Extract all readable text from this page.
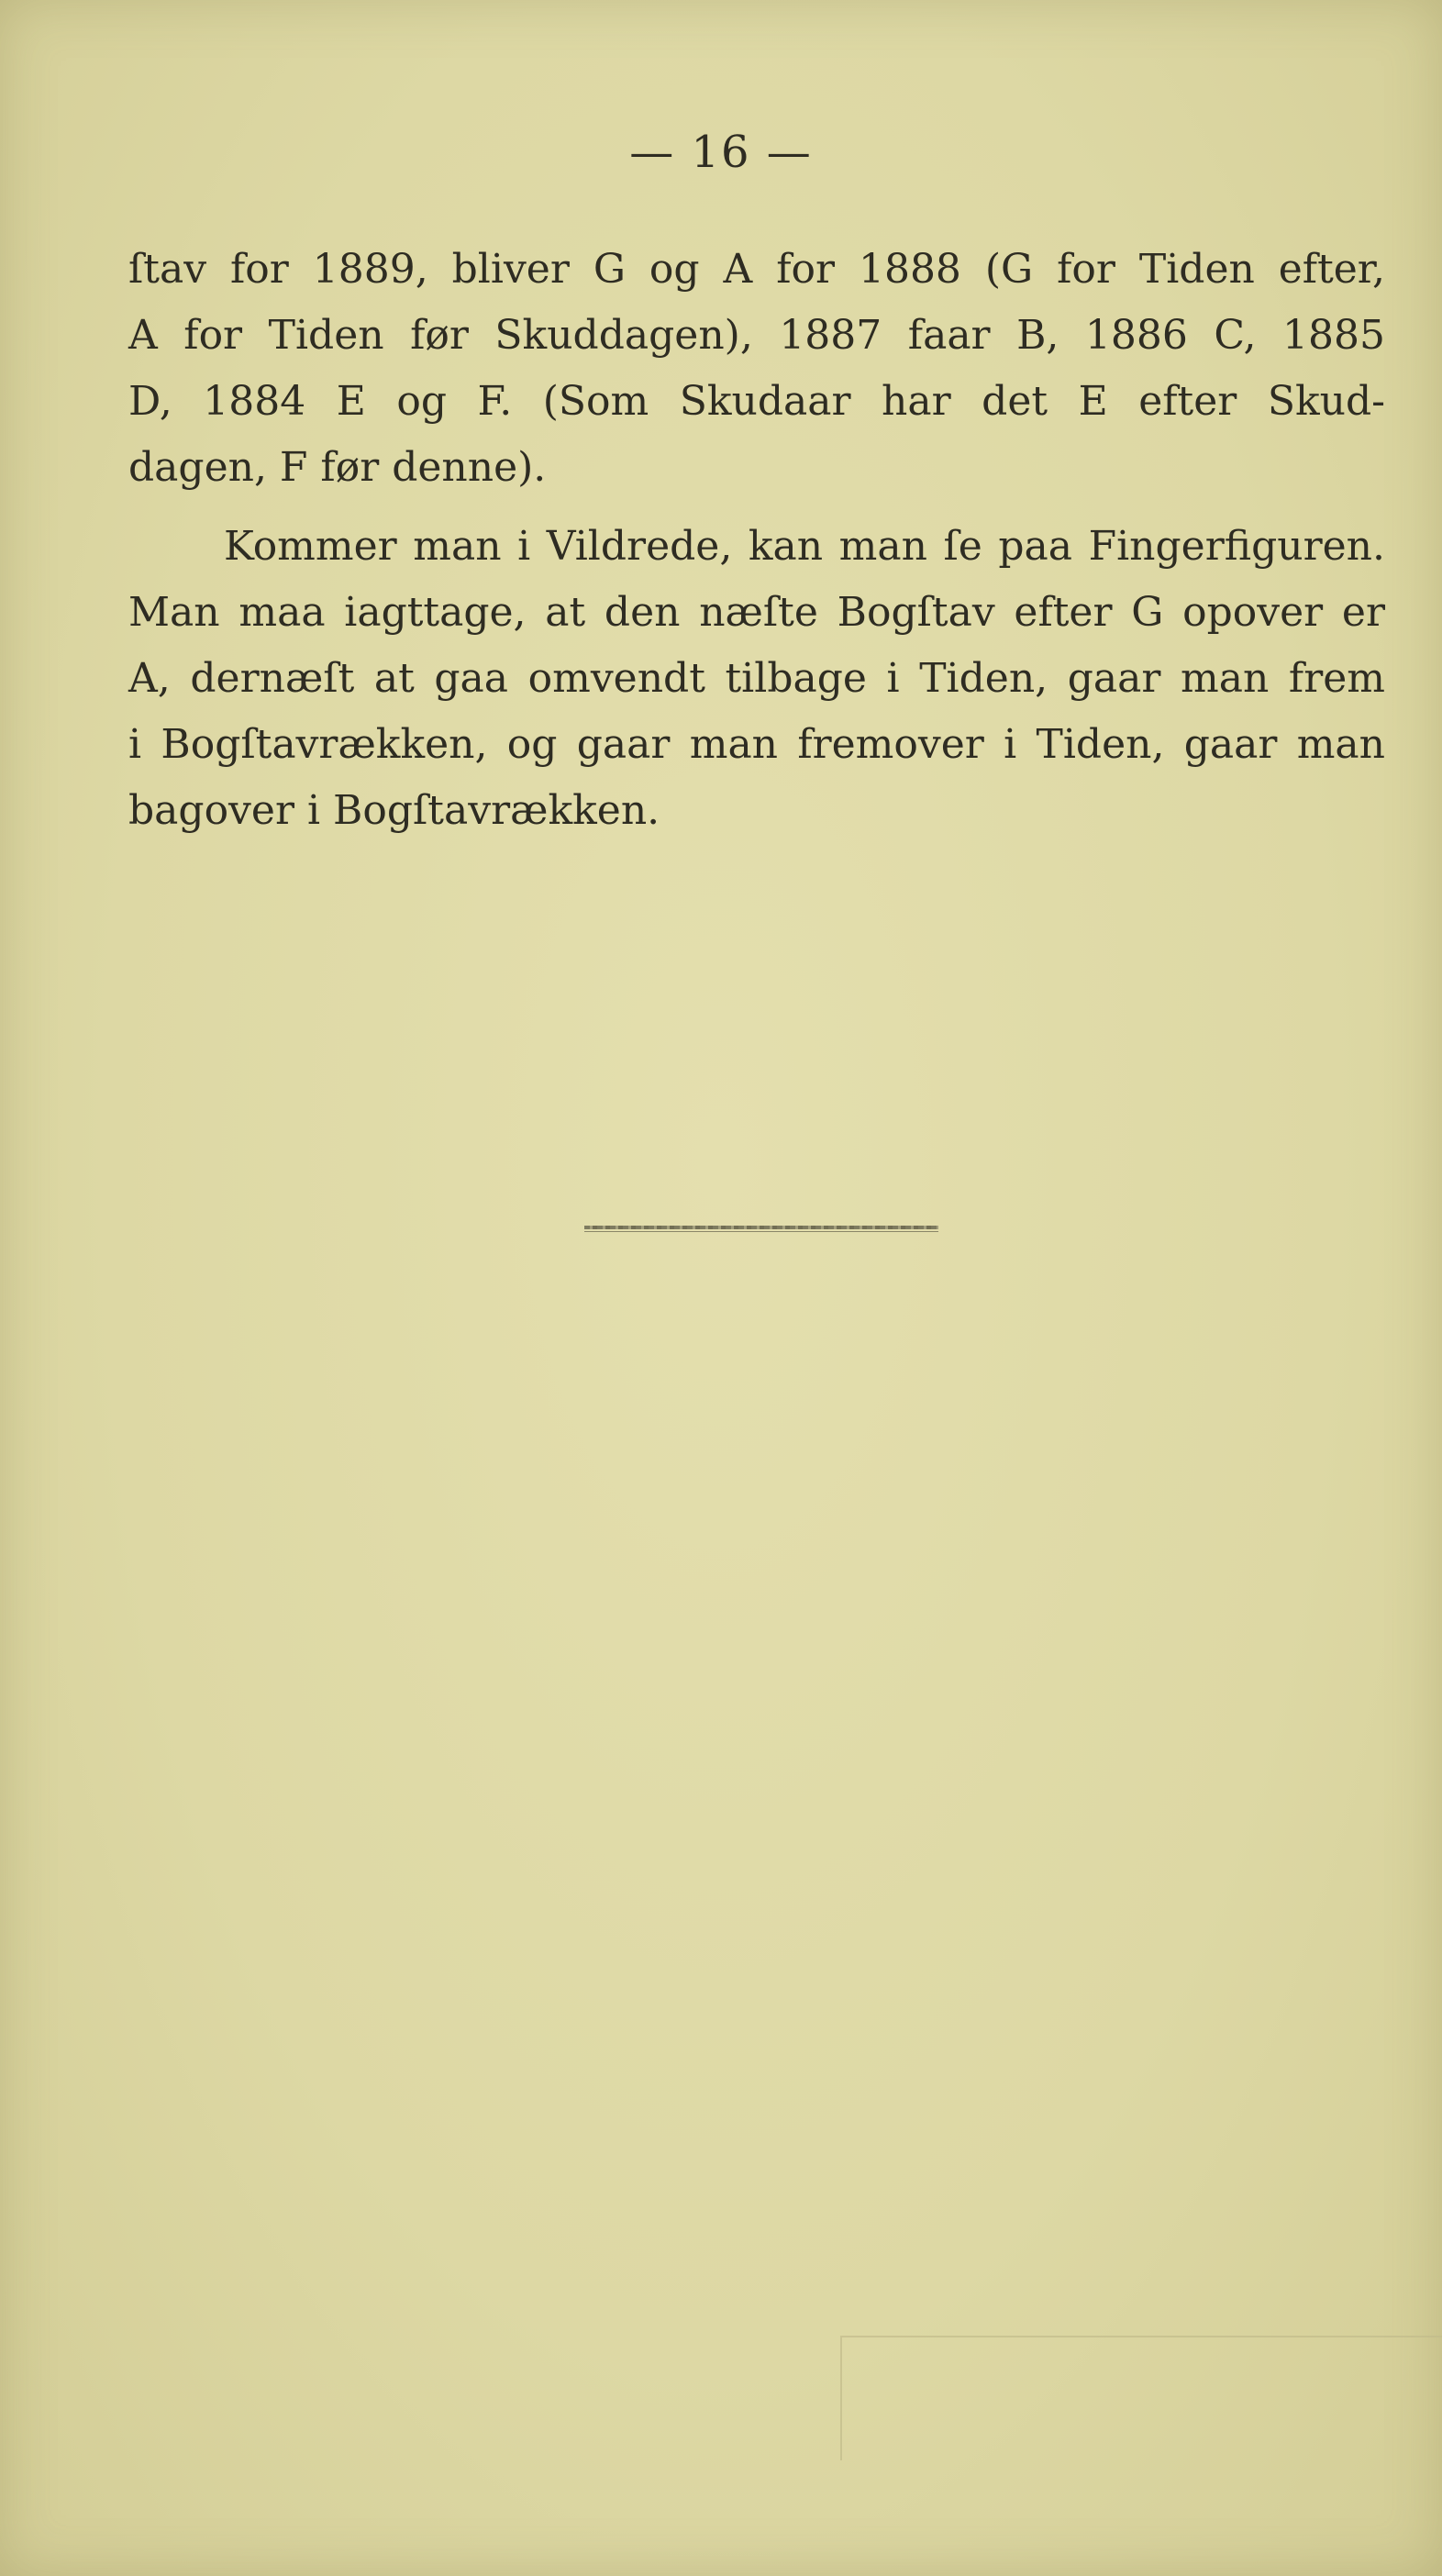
— 16 —

ſtav for 1889, bliver G og A for 1888 (G for Tiden efter,
A for Tiden før Skuddagen), 1887 faar B, 1886 C, 1885
D, 1884 E og F. (Som Skudaar har det E efter Skud-
dagen, F før denne).

Kommer man i Vildrede, kan man ſe paa Fingerfiguren.
Man maa iagttage, at den næſte Bogſtav efter G opover er
A, dernæſt at gaa omvendt tilbage i Tiden, gaar man frem
i Bogſtavrækken, og gaar man fremover i Tiden, gaar man
bagover i Bogſtavrækken.
